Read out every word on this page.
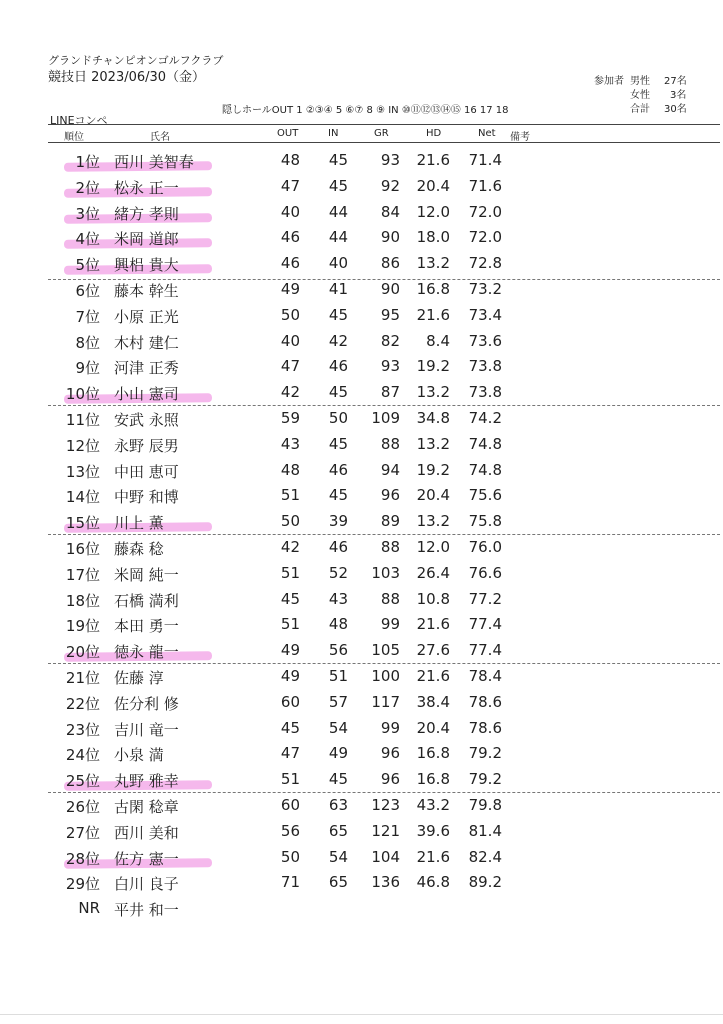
グランドチャンピオンゴルフクラブ
競技日 2023/06/30（金）	参加者 男性 27名
女性 3名
合計 30名
隠しホールOUT 1 ②③④ 5 ⑥⑦ 8 ⑨ IN ⑩⑪⑫⑬⑭⑮ 16 17 18
LINEコンペ
順位	氏名	OUT	IN	GR	HD	Net 備考
1位 西川 美智春	48	45	93	21.6	71.4
2位 松永 正一	47	45	92	20.4	71.6
3位 緒方 孝則	40	44	84	12.0	72.0
4位 米岡 道郎	46	44	90	18.0	72.0
5位 興梠 貴大	46	40	86	13.2	72.8
6位 藤本 幹生	49	41	90	16.8	73.2
7位 小原 正光	50	45	95	21.6	73.4
8位 木村 建仁	40	42	82	8.4	73.6
9位 河津 正秀	47	46	93	19.2	73.8
10位 小山 憲司	42	45	87	13.2	73.8
11位 安武 永照	59	50	109	34.8	74.2
12位 永野 辰男	43	45	88	13.2	74.8
13位 中田 恵可	48	46	94	19.2	74.8
14位 中野 和博	51	45	96	20.4	75.6
15位 川上 薫	50	39	89	13.2	75.8
16位 藤森 稔	42	46	88	12.0	76.0
17位 米岡 純一	51	52	103	26.4	76.6
18位 石橋 満利	45	43	88	10.8	77.2
19位 本田 勇一	51	48	99	21.6	77.4
20位 徳永 龍一	49	56	105	27.6	77.4
21位 佐藤 淳	49	51	100	21.6	78.4
22位 佐分利 修	60	57	117	38.4	78.6
23位 吉川 竜一	45	54	99	20.4	78.6
24位 小泉 満	47	49	96	16.8	79.2
25位 丸野 雅幸	51	45	96	16.8	79.2
26位 古閑 稔章	60	63	123	43.2	79.8
27位 西川 美和	56	65	121	39.6	81.4
28位 佐方 憲一	50	54	104	21.6	82.4
29位 白川 良子	71	65	136	46.8	89.2
NR 平井 和一
